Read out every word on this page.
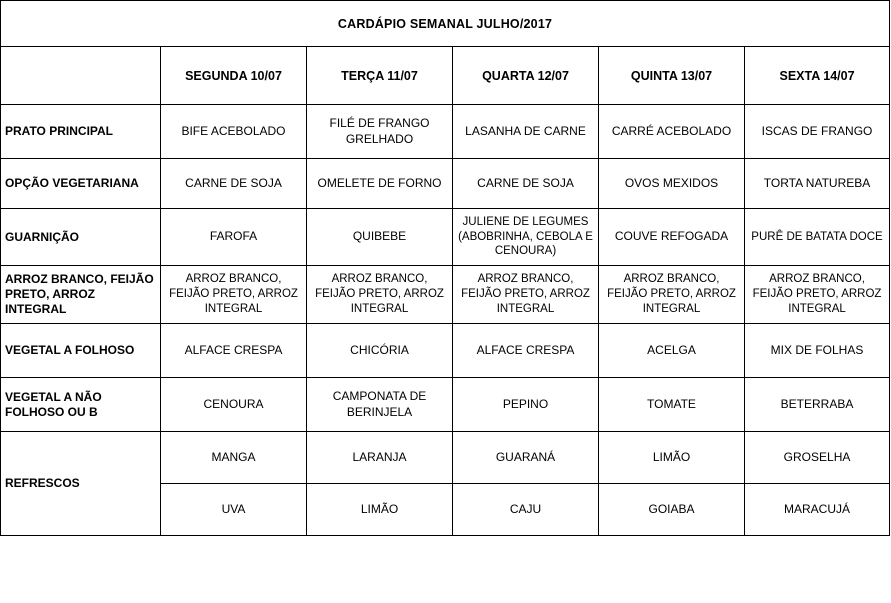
CARDÁPIO SEMANAL JULHO/2017					
	SEGUNDA 10/07	TERÇA 11/07	QUARTA 12/07	QUINTA 13/07	SEXTA 14/07
PRATO PRINCIPAL	BIFE ACEBOLADO	FILÉ DE FRANGO GRELHADO	LASANHA DE CARNE	CARRÉ ACEBOLADO	ISCAS DE FRANGO
OPÇÃO VEGETARIANA	CARNE DE SOJA	OMELETE DE FORNO	CARNE DE SOJA	OVOS MEXIDOS	TORTA NATUREBA
GUARNIÇÃO	FAROFA	QUIBEBE	JULIENE DE LEGUMES (ABOBRINHA, CEBOLA E CENOURA)	COUVE REFOGADA	PURÊ DE BATATA DOCE
ARROZ BRANCO, FEIJÃO PRETO, ARROZ INTEGRAL	ARROZ BRANCO, FEIJÃO PRETO, ARROZ INTEGRAL	ARROZ BRANCO, FEIJÃO PRETO, ARROZ INTEGRAL	ARROZ BRANCO, FEIJÃO PRETO, ARROZ INTEGRAL	ARROZ BRANCO, FEIJÃO PRETO, ARROZ INTEGRAL	ARROZ BRANCO, FEIJÃO PRETO, ARROZ INTEGRAL
VEGETAL A FOLHOSO	ALFACE CRESPA	CHICÓRIA	ALFACE CRESPA	ACELGA	MIX DE FOLHAS
VEGETAL A NÃO FOLHOSO OU B	CENOURA	CAMPONATA DE BERINJELA	PEPINO	TOMATE	BETERRABA
REFRESCOS	MANGA	LARANJA	GUARANÁ	LIMÃO	GROSELHA
	UVA	LIMÃO	CAJU	GOIABA	MARACUJÁ
